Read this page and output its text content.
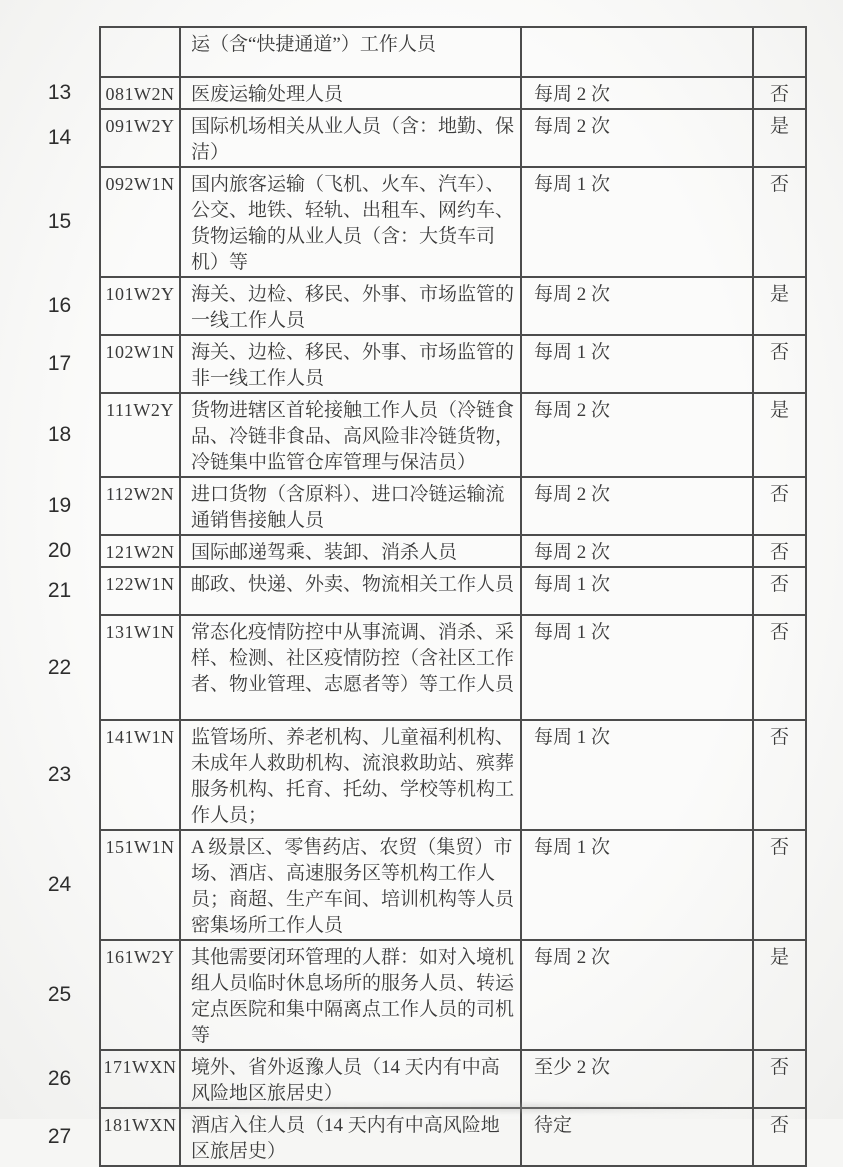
		运（含“快捷通道”）工作人员		
13	081W2N	医废运输处理人员	每周 2 次	否
14	091W2Y	国际机场相关从业人员（含：地勤、保洁）	每周 2 次	是
15	092W1N	国内旅客运输（飞机、火车、汽车）、公交、地铁、轻轨、出租车、网约车、货物运输的从业人员（含：大货车司机）等	每周 1 次	否
16	101W2Y	海关、边检、移民、外事、市场监管的一线工作人员	每周 2 次	是
17	102W1N	海关、边检、移民、外事、市场监管的非一线工作人员	每周 1 次	否
18	111W2Y	货物进辖区首轮接触工作人员（冷链食品、冷链非食品、高风险非冷链货物，冷链集中监管仓库管理与保洁员）	每周 2 次	是
19	112W2N	进口货物（含原料）、进口冷链运输流通销售接触人员	每周 2 次	否
20	121W2N	国际邮递驾乘、装卸、消杀人员	每周 2 次	否
21	122W1N	邮政、快递、外卖、物流相关工作人员	每周 1 次	否
22	131W1N	常态化疫情防控中从事流调、消杀、采样、检测、社区疫情防控（含社区工作者、物业管理、志愿者等）等工作人员	每周 1 次	否
23	141W1N	监管场所、养老机构、儿童福利机构、未成年人救助机构、流浪救助站、殡葬服务机构、托育、托幼、学校等机构工作人员；	每周 1 次	否
24	151W1N	A 级景区、零售药店、农贸（集贸）市场、酒店、高速服务区等机构工作人员；商超、生产车间、培训机构等人员密集场所工作人员	每周 1 次	否
25	161W2Y	其他需要闭环管理的人群：如对入境机组人员临时休息场所的服务人员、转运定点医院和集中隔离点工作人员的司机等	每周 2 次	是
26	171WXN	境外、省外返豫人员（14 天内有中高风险地区旅居史）	至少 2 次	否
27	181WXN	酒店入住人员（14 天内有中高风险地区旅居史）	待定	否
